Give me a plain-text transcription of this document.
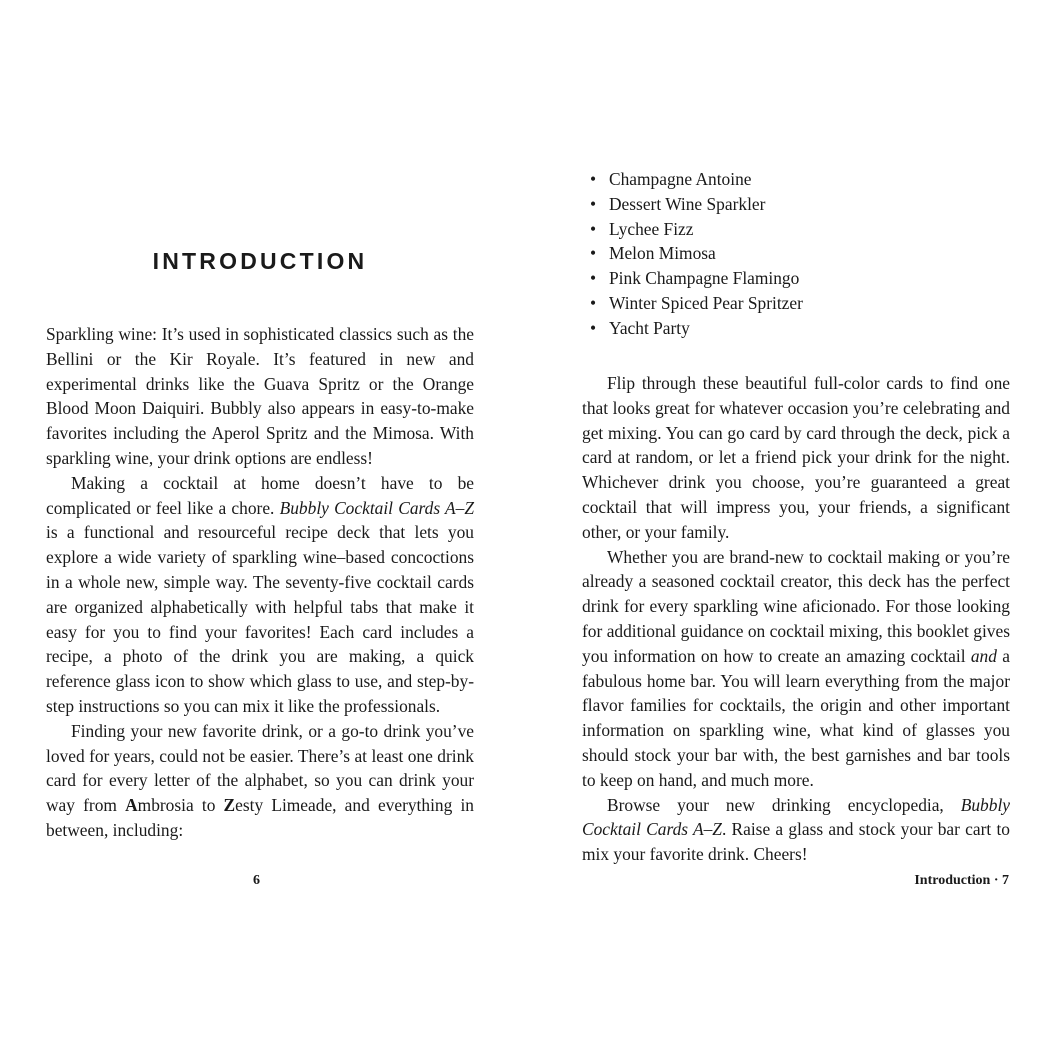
INTRODUCTION

Sparkling wine: It’s used in sophisticated classics such as the Bellini or the Kir Royale. It’s featured in new and experimental drinks like the Guava Spritz or the Orange Blood Moon Daiquiri. Bubbly also appears in easy-to-make favorites including the Aperol Spritz and the Mimosa. With sparkling wine, your drink options are endless!

Making a cocktail at home doesn’t have to be complicated or feel like a chore. Bubbly Cocktail Cards A–Z is a functional and resourceful recipe deck that lets you explore a wide variety of sparkling wine–based concoctions in a whole new, simple way. The seventy-five cocktail cards are organized alphabetically with helpful tabs that make it easy for you to find your favorites! Each card includes a recipe, a photo of the drink you are making, a quick reference glass icon to show which glass to use, and step-by-step instructions so you can mix it like the professionals.

Finding your new favorite drink, or a go-to drink you’ve loved for years, could not be easier. There’s at least one drink card for every letter of the alphabet, so you can drink your way from Ambrosia to Zesty Limeade, and everything in between, including:

6
• Champagne Antoine
• Dessert Wine Sparkler
• Lychee Fizz
• Melon Mimosa
• Pink Champagne Flamingo
• Winter Spiced Pear Spritzer
• Yacht Party

Flip through these beautiful full-color cards to find one that looks great for whatever occasion you’re celebrating and get mixing. You can go card by card through the deck, pick a card at random, or let a friend pick your drink for the night. Whichever drink you choose, you’re guaranteed a great cocktail that will impress you, your friends, a significant other, or your family.

Whether you are brand-new to cocktail making or you’re already a seasoned cocktail creator, this deck has the perfect drink for every sparkling wine aficionado. For those looking for additional guidance on cocktail mixing, this booklet gives you information on how to create an amazing cocktail and a fabulous home bar. You will learn everything from the major flavor families for cocktails, the origin and other important information on sparkling wine, what kind of glasses you should stock your bar with, the best garnishes and bar tools to keep on hand, and much more.

Browse your new drinking encyclopedia, Bubbly Cocktail Cards A–Z. Raise a glass and stock your bar cart to mix your favorite drink. Cheers!

Introduction · 7
